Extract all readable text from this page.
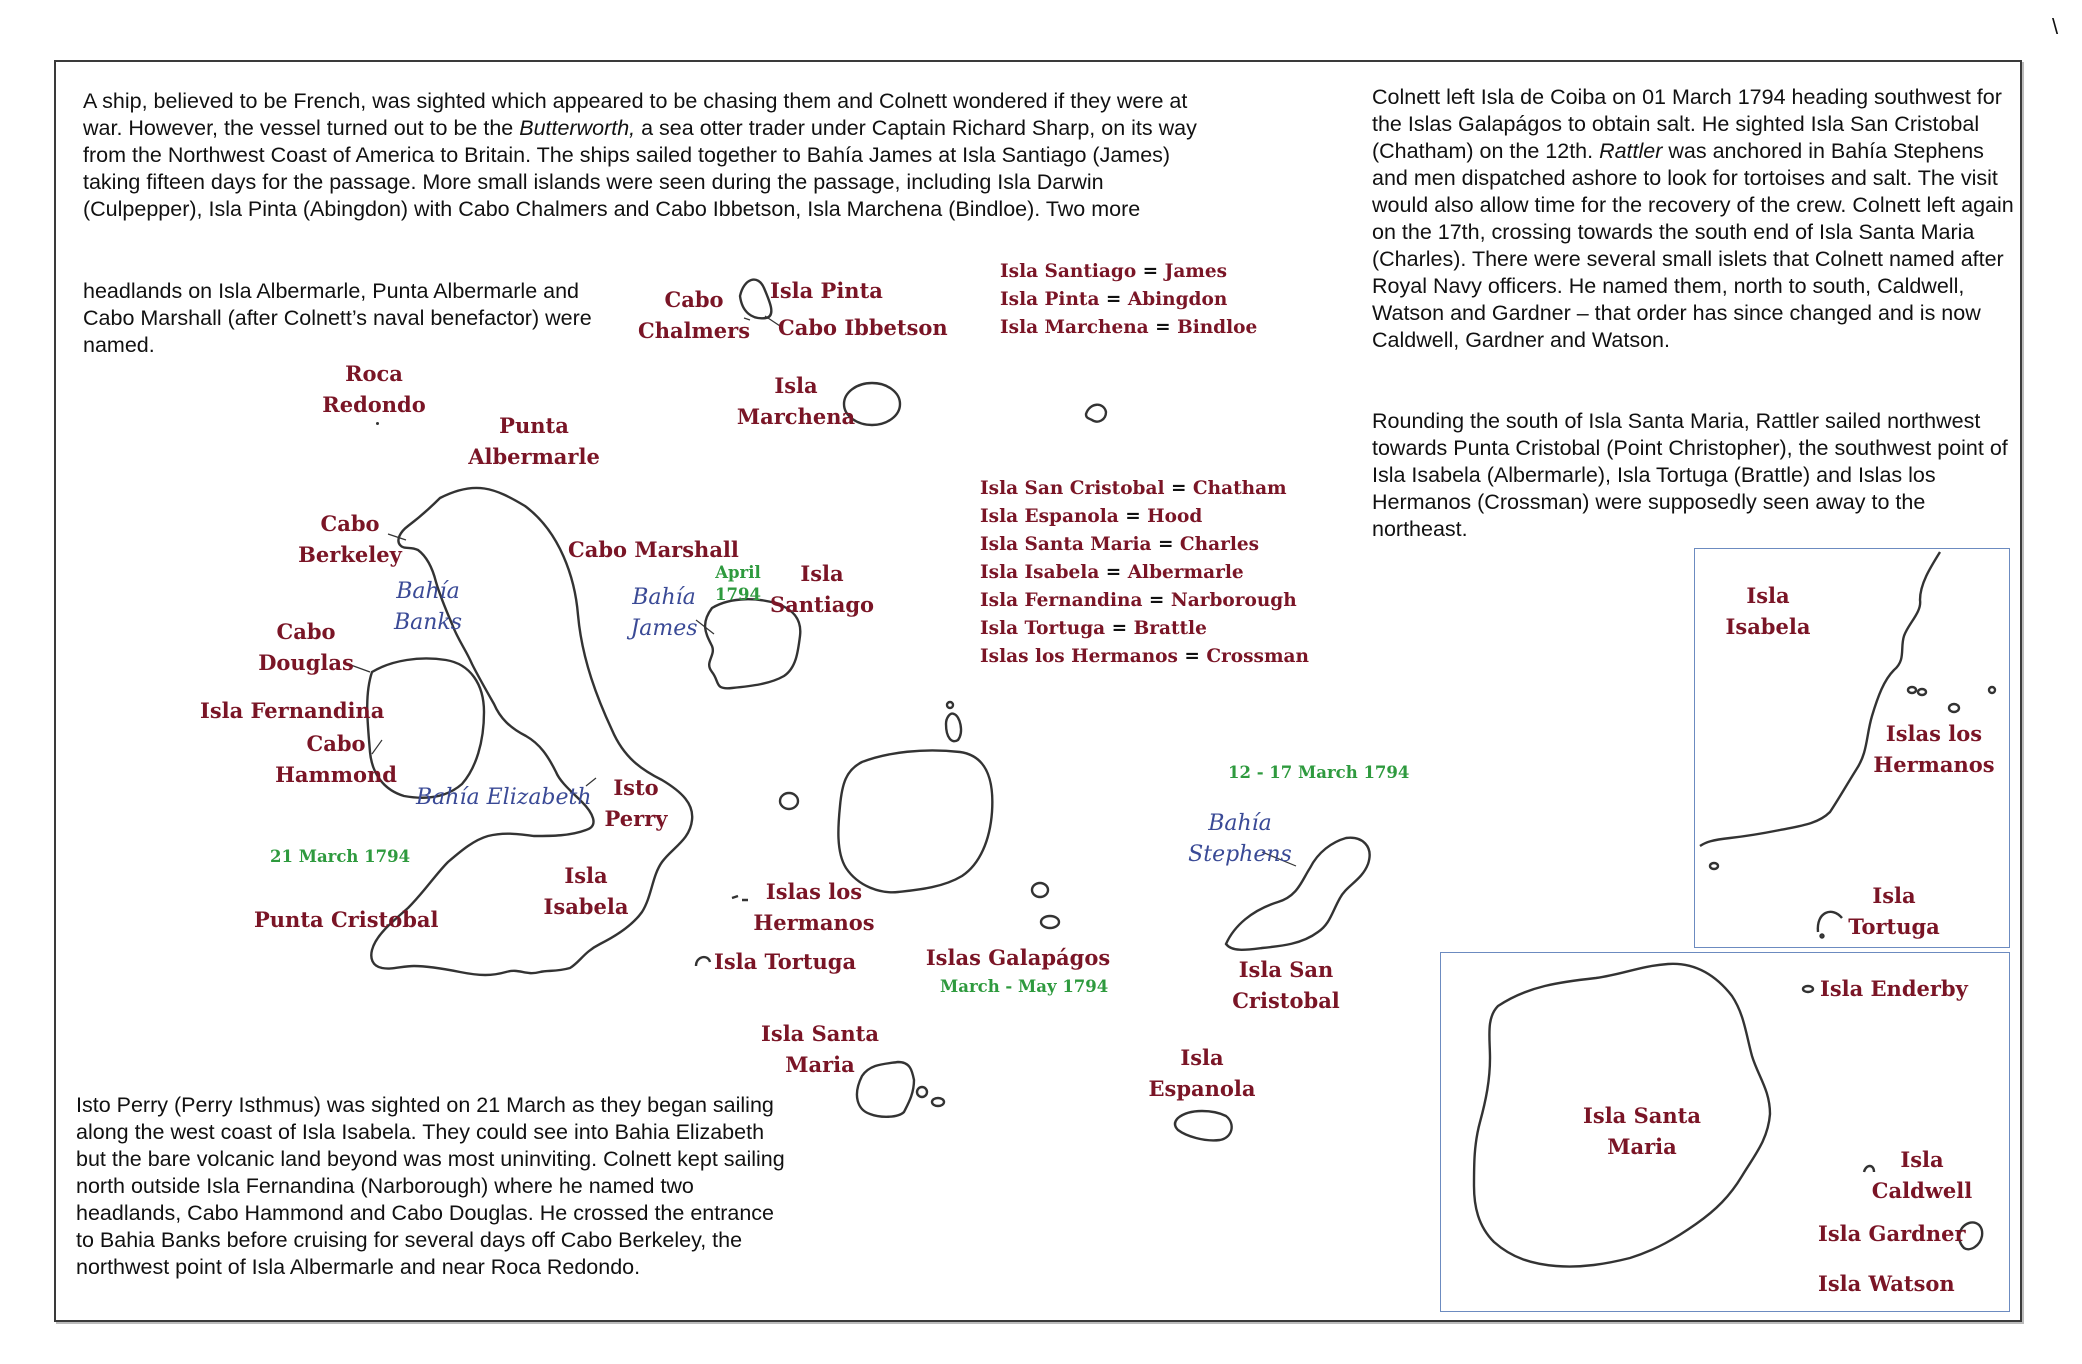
\

A ship, believed to be French, was sighted which appeared to be chasing them and Colnett wondered if they were at war. However, the vessel turned out to be the Butterworth, a sea otter trader under Captain Richard Sharp, on its way from the Northwest Coast of America to Britain. The ships sailed together to Bahía James at Isla Santiago (James) taking fifteen days for the passage. More small islands were seen during the passage, including Isla Darwin (Culpepper), Isla Pinta (Abingdon) with Cabo Chalmers and Cabo Ibbetson, Isla Marchena (Bindloe). Two more

headlands on Isla Albermarle, Punta Albermarle and Cabo Marshall (after Colnett’s naval benefactor) were named.

Colnett left Isla de Coiba on 01 March 1794 heading southwest for the Islas Galapágos to obtain salt. He sighted Isla San Cristobal (Chatham) on the 12th. Rattler was anchored in Bahía Stephens and men dispatched ashore to look for tortoises and salt. The visit would also allow time for the recovery of the crew. Colnett left again on the 17th, crossing towards the south end of Isla Santa Maria (Charles). There were several small islets that Colnett named after Royal Navy officers. He named them, north to south, Caldwell, Watson and Gardner – that order has since changed and is now Caldwell, Gardner and Watson.

Rounding the south of Isla Santa Maria, Rattler sailed northwest towards Punta Cristobal (Point Christopher), the southwest point of Isla Isabela (Albermarle), Isla Tortuga (Brattle) and Islas los Hermanos (Crossman) were supposedly seen away to the northeast.

Isto Perry (Perry Isthmus) was sighted on 21 March as they began sailing along the west coast of Isla Isabela. They could see into Bahia Elizabeth but the bare volcanic land beyond was most uninviting. Colnett kept sailing north outside Isla Fernandina (Narborough) where he named two headlands, Cabo Hammond and Cabo Douglas. He crossed the entrance to Bahia Banks before cruising for several days off Cabo Berkeley, the northwest point of Isla Albermarle and near Roca Redondo.

Isla Santiago = James
Isla Pinta = Abingdon
Isla Marchena = Bindloe
Isla San Cristobal = Chatham
Isla Espanola = Hood
Isla Santa Maria = Charles
Isla Isabela = Albermarle
Isla Fernandina = Narborough
Isla Tortuga = Brattle
Islas los Hermanos = Crossman
Cabo
Chalmers
Isla Pinta
Cabo Ibbetson
Isla
Marchena
Roca
Redondo
Punta
Albermarle
Cabo
Berkeley	Cabo Marshall
Isla
Santiago
Cabo
Douglas
Isla Fernandina
Cabo
Hammond
Isto
Perry
Isla
Isabela
Punta Cristobal
Islas los
Hermanos
Isla Tortuga	Islas Galapágos
Isla Santa
Maria	Isla
Espanola
Isla San
Cristobal
Bahía
Banks
Bahía
James
Bahía Elizabeth
Bahía
Stephens
April
1794
12 - 17 March 1794
21 March 1794
March - May 1794
Isla
Isabela
Islas los
Hermanos
Isla
Tortuga
Isla Enderby
Isla Santa
Maria
Isla
Caldwell
Isla Gardner
Isla Watson
